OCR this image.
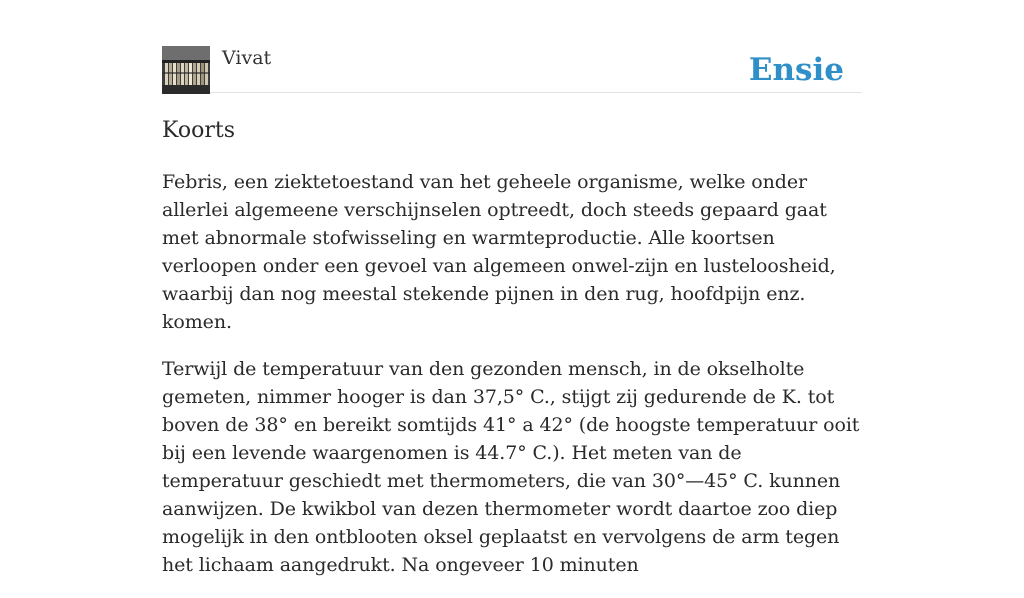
Vivat	Ensie
Koorts

Febris, een ziektetoestand van het geheele organisme, welke onder allerlei algemeene verschijnselen optreedt, doch steeds gepaard gaat met abnormale stofwisseling en warmteproductie. Alle koortsen verloopen onder een gevoel van algemeen onwel-zijn en lusteloosheid, waarbij dan nog meestal stekende pijnen in den rug, hoofdpijn enz. komen.

Terwijl de temperatuur van den gezonden mensch, in de okselholte gemeten, nimmer hooger is dan 37,5° C., stijgt zij gedurende de K. tot boven de 38° en bereikt somtijds 41° a 42° (de hoogste temperatuur ooit bij een levende waargenomen is 44.7° C.). Het meten van de temperatuur geschiedt met thermometers, die van 30°—45° C. kunnen aanwijzen. De kwikbol van dezen thermometer wordt daartoe zoo diep mogelijk in den ontblooten oksel geplaatst en vervolgens de arm tegen het lichaam aangedrukt. Na ongeveer 10 minuten
